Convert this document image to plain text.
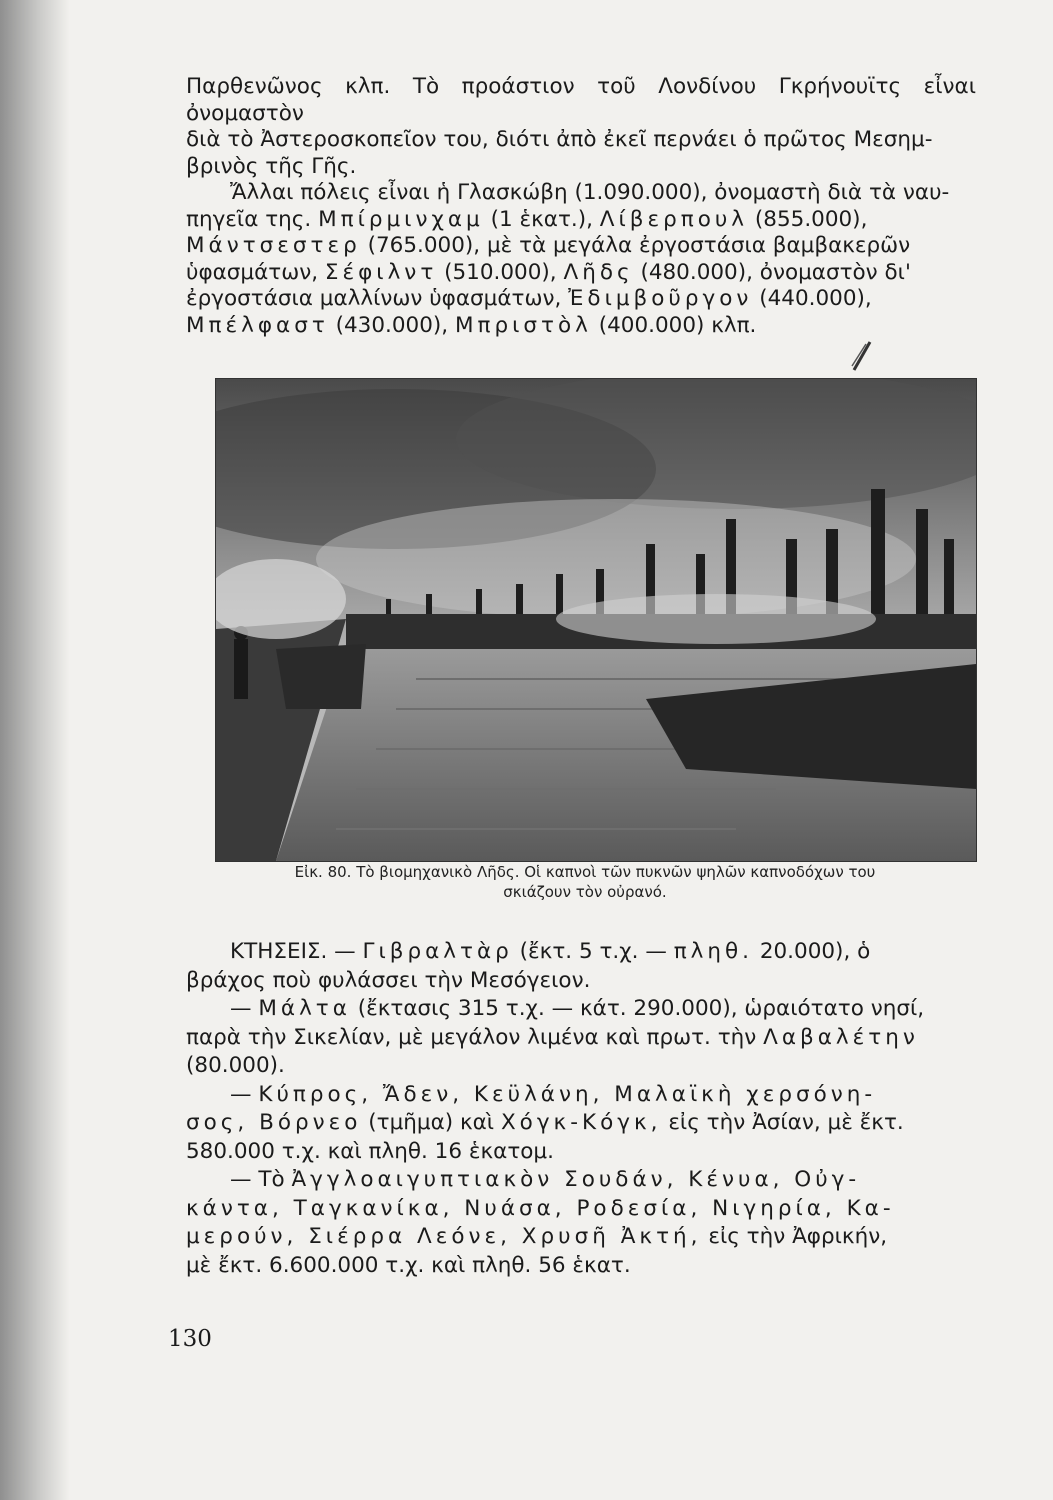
Παρθενῶνος κλπ. Τὸ προάστιον τοῦ Λονδίνου Γκρήνουϊτς εἶναι ὀνομαστὸν
διὰ τὸ Ἀστεροσκοπεῖον του, διότι ἀπὸ ἐκεῖ περνάει ὁ πρῶτος Μεσημ-
βρινὸς τῆς Γῆς.

Ἄλλαι πόλεις εἶναι ἡ Γλασκώβη (1.090.000), ὀνομαστὴ διὰ τὰ ναυ-
πηγεῖα της. Μπίρμινχαμ (1 ἑκατ.), Λίβερπουλ (855.000),
Μάντσεστερ (765.000), μὲ τὰ μεγάλα ἐργοστάσια βαμβακερῶν
ὑφασμάτων, Σέφιλντ (510.000), Λῆδς (480.000), ὀνομαστὸν δι'
ἐργοστάσια μαλλίνων ὑφασμάτων, Ἐδιμβοῦργον (440.000),
Μπέλφαστ (430.000), Μπριστὸλ (400.000) κλπ.

Εἰκ. 80. Τὸ βιομηχανικὸ Λῆδς. Οἱ καπνοὶ τῶν πυκνῶν ψηλῶν καπνοδόχων του
σκιάζουν τὸν οὐρανό.

ΚΤΗΣΕΙΣ. — Γιβραλτὰρ (ἔκτ. 5 τ.χ. — πληθ. 20.000), ὁ
βράχος ποὺ φυλάσσει τὴν Μεσόγειον.

— Μάλτα (ἔκτασις 315 τ.χ. — κάτ. 290.000), ὡραιότατο νησί,
παρὰ τὴν Σικελίαν, μὲ μεγάλον λιμένα καὶ πρωτ. τὴν Λαβαλέτην
(80.000).

— Κύπρος, Ἄδεν, Κεϋλάνη, Μαλαϊκὴ χερσόνη-
σος, Βόρνεο (τμῆμα) καὶ Χόγκ-Κόγκ, εἰς τὴν Ἀσίαν, μὲ ἔκτ.
580.000 τ.χ. καὶ πληθ. 16 ἑκατομ.

— Τὸ Ἀγγλοαιγυπτιακὸν Σουδάν, Κένυα, Οὐγ-
κάντα, Ταγκανίκα, Νυάσα, Ροδεσία, Νιγηρία, Κα-
μερούν, Σιέρρα Λεόνε, Χρυσῆ Ἀκτή, εἰς τὴν Ἀφρικήν,
μὲ ἔκτ. 6.600.000 τ.χ. καὶ πληθ. 56 ἑκατ.

130
